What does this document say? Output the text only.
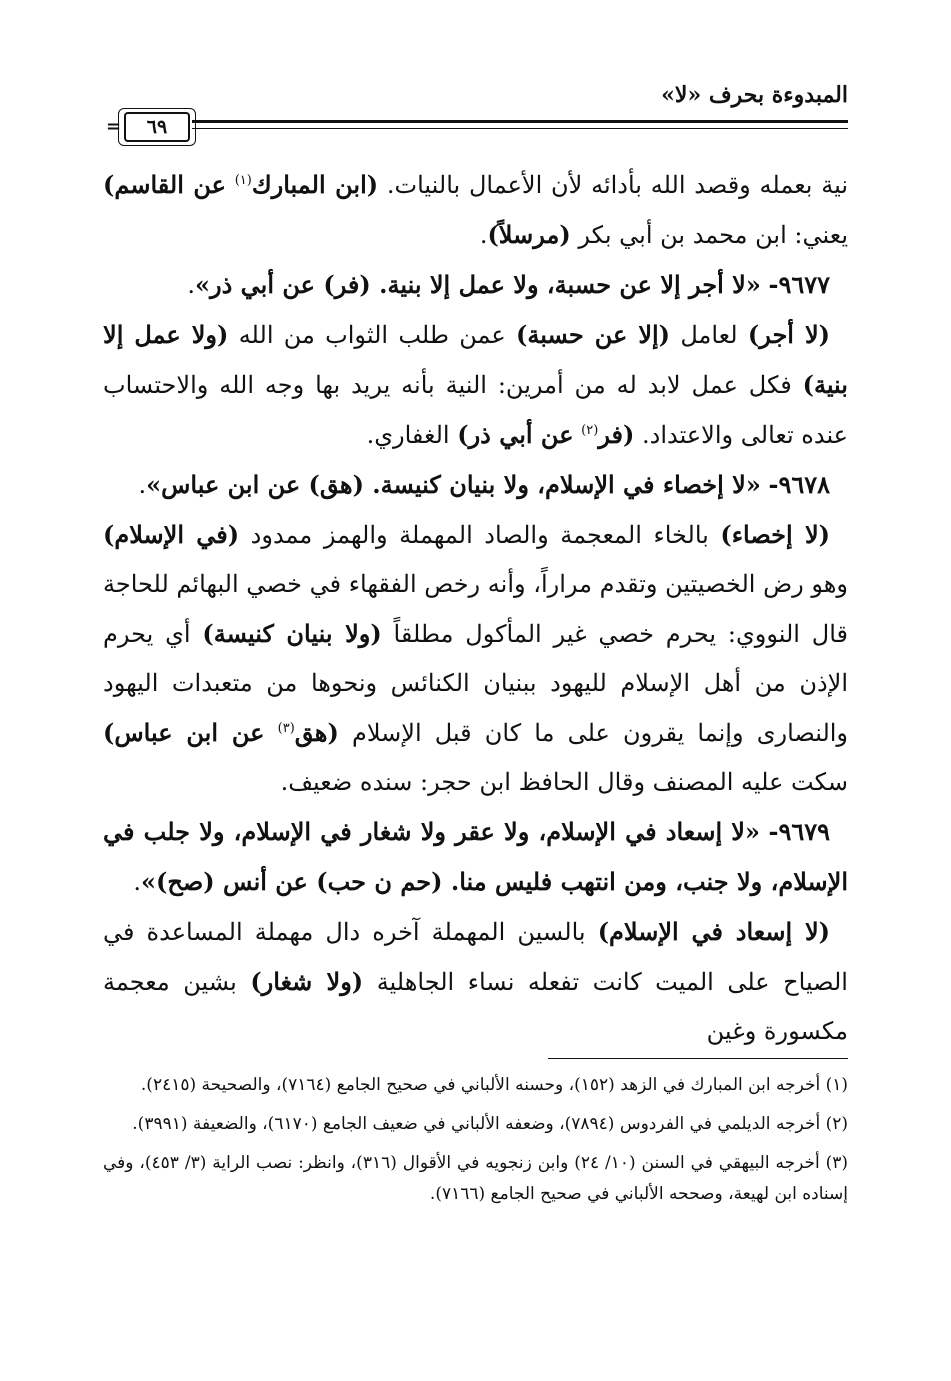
المبدوءة بحرف «لا»
٦٩
=

نية بعمله وقصد الله بأدائه لأن الأعمال بالنيات. (ابن المبارك$^{(١)}$ عن القاسم) يعني: ابن محمد بن أبي بكر (مرسلاً).

٩٦٧٧- «لا أجر إلا عن حسبة، ولا عمل إلا بنية. (فر) عن أبي ذر».

(لا أجر) لعامل (إلا عن حسبة) عمن طلب الثواب من الله (ولا عمل إلا بنية) فكل عمل لابد له من أمرين: النية بأنه يريد بها وجه الله والاحتساب عنده تعالى والاعتداد. (فر$^{(٢)}$ عن أبي ذر) الغفاري.

٩٦٧٨- «لا إخصاء في الإسلام، ولا بنيان كنيسة. (هق) عن ابن عباس».

(لا إخصاء) بالخاء المعجمة والصاد المهملة والهمز ممدود (في الإسلام) وهو رض الخصيتين وتقدم مراراً، وأنه رخص الفقهاء في خصي البهائم للحاجة قال النووي: يحرم خصي غير المأكول مطلقاً (ولا بنيان كنيسة) أي يحرم الإذن من أهل الإسلام لليهود ببنيان الكنائس ونحوها من متعبدات اليهود والنصارى وإنما يقرون على ما كان قبل الإسلام (هق$^{(٣)}$ عن ابن عباس) سكت عليه المصنف وقال الحافظ ابن حجر: سنده ضعيف.

٩٦٧٩- «لا إسعاد في الإسلام، ولا عقر ولا شغار في الإسلام، ولا جلب في الإسلام، ولا جنب، ومن انتهب فليس منا. (حم ن حب) عن أنس (صح)».

(لا إسعاد في الإسلام) بالسين المهملة آخره دال مهملة المساعدة في الصياح على الميت كانت تفعله نساء الجاهلية (ولا شغار) بشين معجمة مكسورة وغين

(١) أخرجه ابن المبارك في الزهد (١٥٢)، وحسنه الألباني في صحيح الجامع (٧١٦٤)، والصحيحة (٢٤١٥).

(٢) أخرجه الديلمي في الفردوس (٧٨٩٤)، وضعفه الألباني في ضعيف الجامع (٦١٧٠)، والضعيفة (٣٩٩١).

(٣) أخرجه البيهقي في السنن (١٠/ ٢٤) وابن زنجويه في الأقوال (٣١٦)، وانظر: نصب الراية (٣/ ٤٥٣)، وفي إسناده ابن لهيعة، وصححه الألباني في صحيح الجامع (٧١٦٦).
